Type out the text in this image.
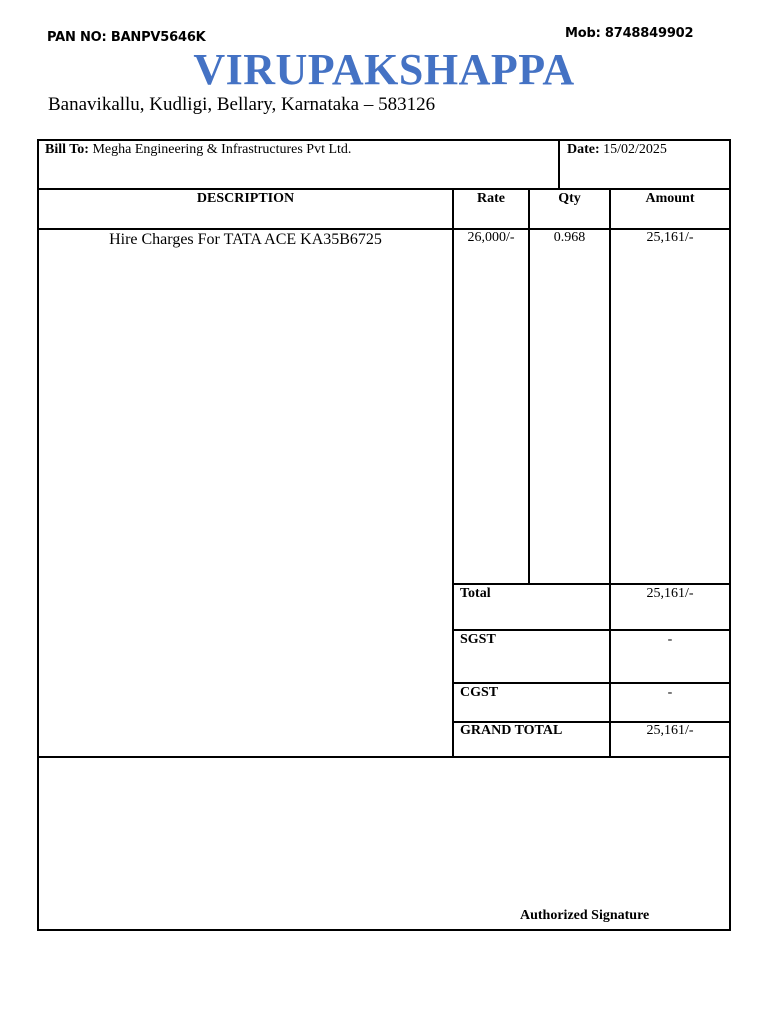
PAN NO: BANPV5646K	Mob: 8748849902
VIRUPAKSHAPPA
Banavikallu, Kudligi, Bellary, Karnataka – 583126
Bill To: Megha Engineering & Infrastructures Pvt Ltd.	Date: 15/02/2025
DESCRIPTION	Rate	Qty	Amount
Hire Charges For TATA ACE KA35B6725	26,000/-	0.968	25,161/-
Total	25,161/-
SGST	-
CGST	-
GRAND TOTAL	25,161/-
Authorized Signature
